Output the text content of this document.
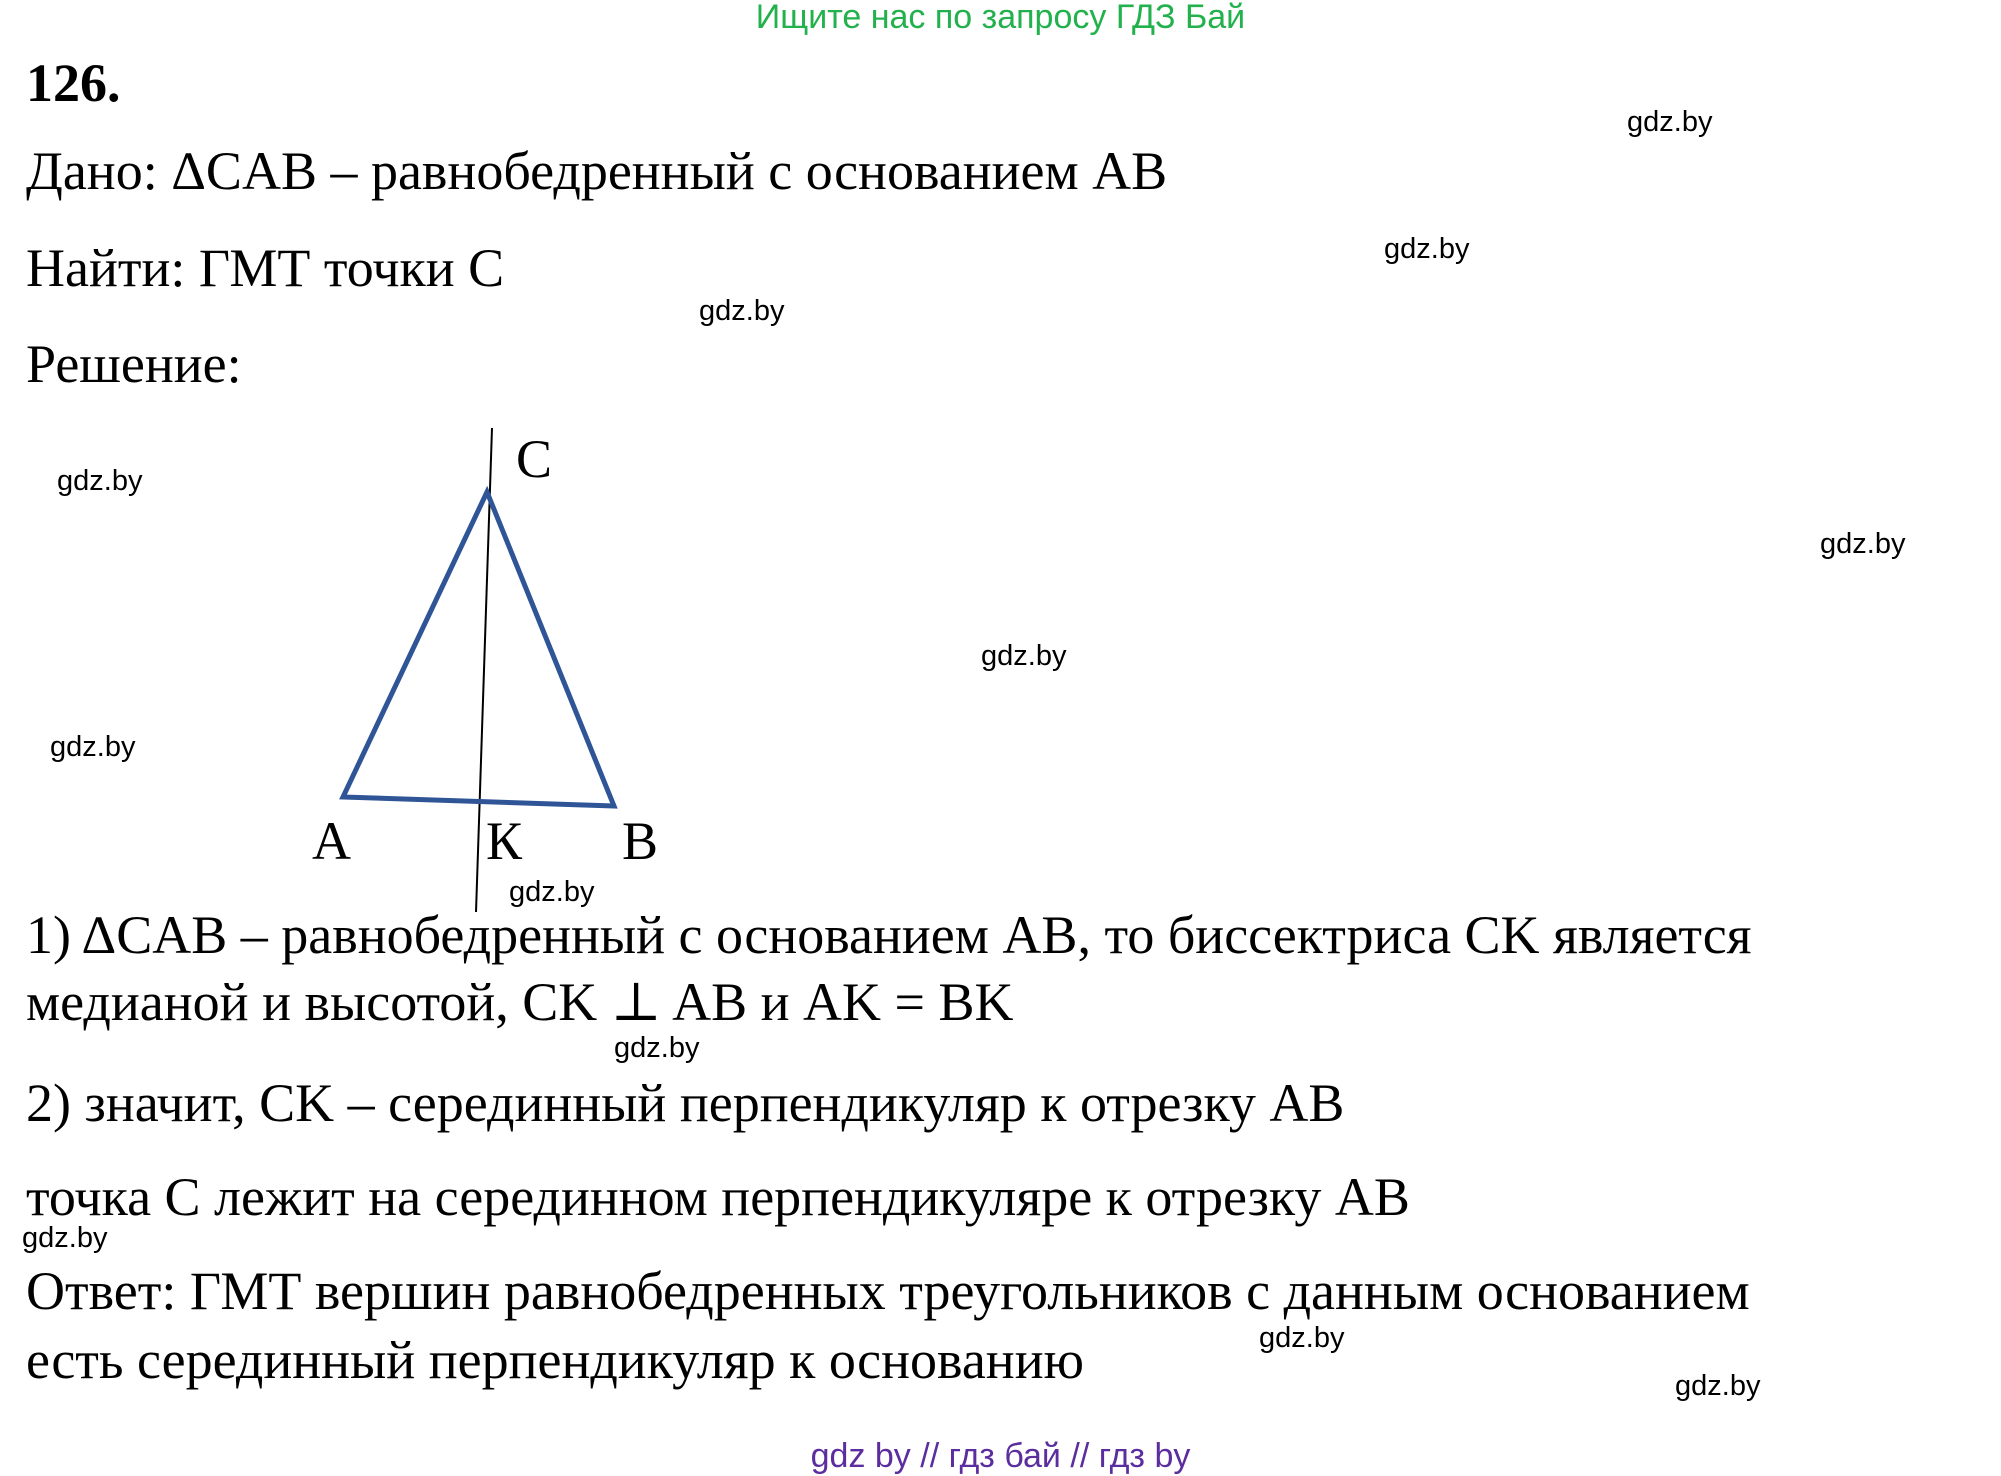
Ищите нас по запросу ГДЗ Бай
126.
Дано: ΔCAB – равнобедренный с основанием AB
Найти: ГМТ точки С
Решение:
C
A	К B
1) ΔCAB – равнобедренный с основанием AB, то биссектриса CK является
медианой и высотой, CK ⊥ AB и AK = BK
2) значит, CK – серединный перпендикуляр к отрезку AB
точка С лежит на серединном перпендикуляре к отрезку AB
Ответ: ГМТ вершин равнобедренных треугольников с данным основанием
есть серединный перпендикуляр к основанию
gdz.by
gdz.by
gdz.by
gdz.by
gdz.by
gdz.by
gdz.by
gdz.by
gdz.by
gdz.by
gdz.by
gdz.by
gdz by // гдз бай // гдз by
